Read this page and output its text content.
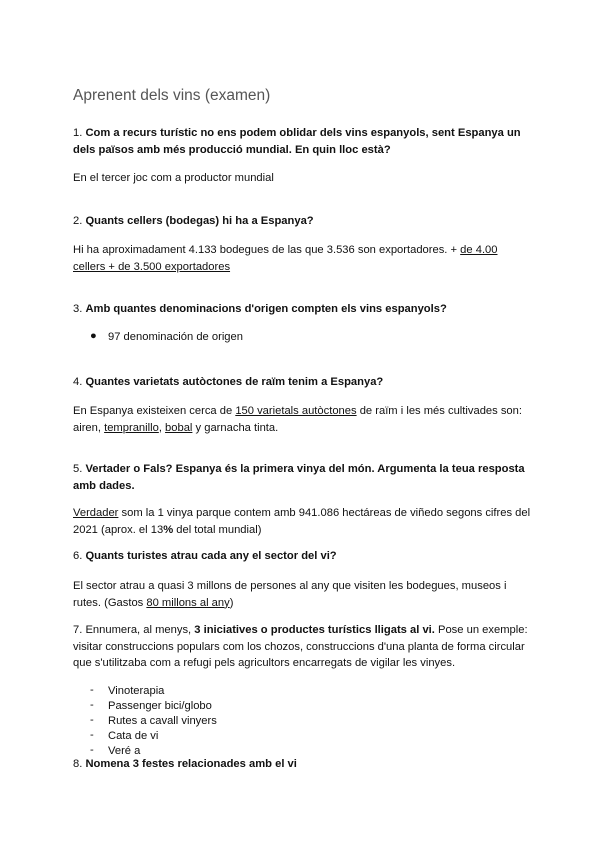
Aprenent dels vins (examen)

1. Com a recurs turístic no ens podem oblidar dels vins espanyols, sent Espanya un dels països amb més producció mundial. En quin lloc està?

En el tercer joc com a productor mundial

2. Quants cellers (bodegas) hi ha a Espanya?

Hi ha aproximadament 4.133 bodegues de las que 3.536 son exportadores. + de 4.00 cellers + de 3.500 exportadores

3. Amb quantes denominacions d'origen compten els vins espanyols?

● 97 denominación de origen

4. Quantes varietats autòctones de raïm tenim a Espanya?

En Espanya existeixen cerca de 150 varietals autòctones de raïm i les més cultivades son: airen, tempranillo, bobal y garnacha tinta.

5. Vertader o Fals? Espanya és la primera vinya del món. Argumenta la teua resposta amb dades.

Verdader som la 1 vinya parque contem amb 941.086 hectáreas de viñedo segons cifres del 2021 (aprox. el 13% del total mundial)

6. Quants turistes atrau cada any el sector del vi?

El sector atrau a quasi 3 millons de persones al any que visiten les bodegues, museos i rutes. (Gastos 80 millons al any)

7. Ennumera, al menys, 3 iniciatives o productes turístics lligats al vi. Pose un exemple: visitar construccions populars com los chozos, construccions d'una planta de forma circular que s'utilitzaba com a refugi pels agricultors encarregats de vigilar les vinyes.

- Vinoterapia
- Passenger bici/globo
- Rutes a cavall vinyers
- Cata de vi
- Veré a

8. Nomena 3 festes relacionades amb el vi
